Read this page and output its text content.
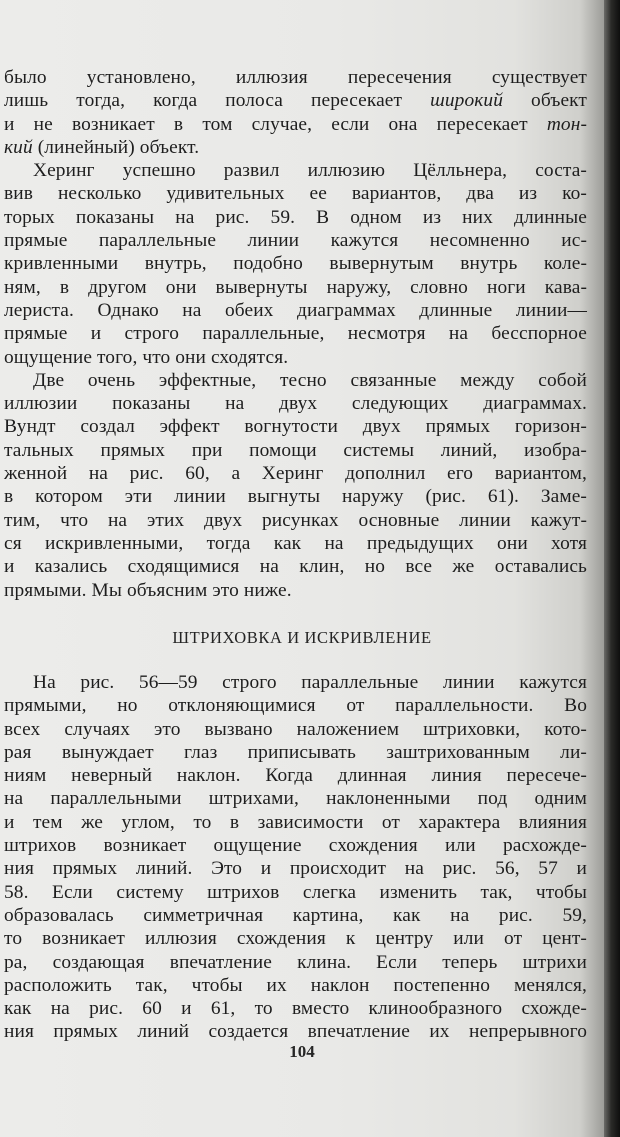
было установлено, иллюзия пересечения существует
лишь тогда, когда полоса пересекает широкий объект
и не возникает в том случае, если она пересекает тон-
кий (линейный) объект.
Херинг успешно развил иллюзию Цёлльнера, соста-
вив несколько удивительных ее вариантов, два из ко-
торых показаны на рис. 59. В одном из них длинные
прямые параллельные линии кажутся несомненно ис-
кривленными внутрь, подобно вывернутым внутрь коле-
ням, в другом они вывернуты наружу, словно ноги кава-
лериста. Однако на обеих диаграммах длинные линии—
прямые и строго параллельные, несмотря на бесспорное
ощущение того, что они сходятся.
Две очень эффектные, тесно связанные между собой
иллюзии показаны на двух следующих диаграммах.
Вундт создал эффект вогнутости двух прямых горизон-
тальных прямых при помощи системы линий, изобра-
женной на рис. 60, а Херинг дополнил его вариантом,
в котором эти линии выгнуты наружу (рис. 61). Заме-
тим, что на этих двух рисунках основные линии кажут-
ся искривленными, тогда как на предыдущих они хотя
и казались сходящимися на клин, но все же оставались
прямыми. Мы объясним это ниже.
ШТРИХОВКА И ИСКРИВЛЕНИЕ
На рис. 56—59 строго параллельные линии кажутся
прямыми, но отклоняющимися от параллельности. Во
всех случаях это вызвано наложением штриховки, кото-
рая вынуждает глаз приписывать заштрихованным ли-
ниям неверный наклон. Когда длинная линия пересече-
на параллельными штрихами, наклоненными под одним
и тем же углом, то в зависимости от характера влияния
штрихов возникает ощущение схождения или расхожде-
ния прямых линий. Это и происходит на рис. 56, 57 и
58. Если систему штрихов слегка изменить так, чтобы
образовалась симметричная картина, как на рис. 59,
то возникает иллюзия схождения к центру или от цент-
ра, создающая впечатление клина. Если теперь штрихи
расположить так, чтобы их наклон постепенно менялся,
как на рис. 60 и 61, то вместо клинообразного схожде-
ния прямых линий создается впечатление их непрерывного
104
